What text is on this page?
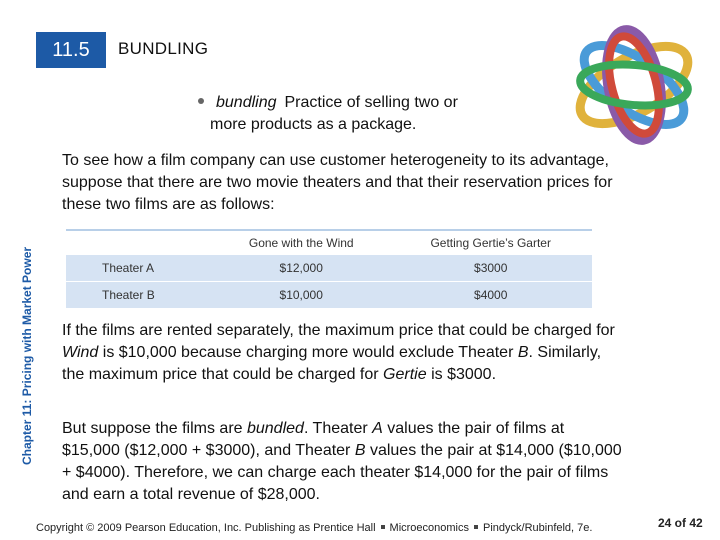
11.5	BUNDLING
Chapter 11: Pricing with Market Power
bundling Practice of selling two or
more products as a package.
To see how a film company can use customer heterogeneity to its advantage, suppose that there are two movie theaters and that their reservation prices for these two films are as follows:
	Gone with the Wind	Getting Gertie’s Garter
Theater A	$12,000	$3000
Theater B	$10,000	$4000
If the films are rented separately, the maximum price that could be charged for Wind is $10,000 because charging more would exclude Theater B. Similarly, the maximum price that could be charged for Gertie is $3000.
But suppose the films are bundled. Theater A values the pair of films at $15,000 ($12,000 + $3000), and Theater B values the pair at $14,000 ($10,000 + $4000). Therefore, we can charge each theater $14,000 for the pair of films and earn a total revenue of $28,000.
Copyright © 2009 Pearson Education, Inc. Publishing as Prentice Hall Microeconomics Pindyck/Rubinfeld, 7e.	24 of 42
